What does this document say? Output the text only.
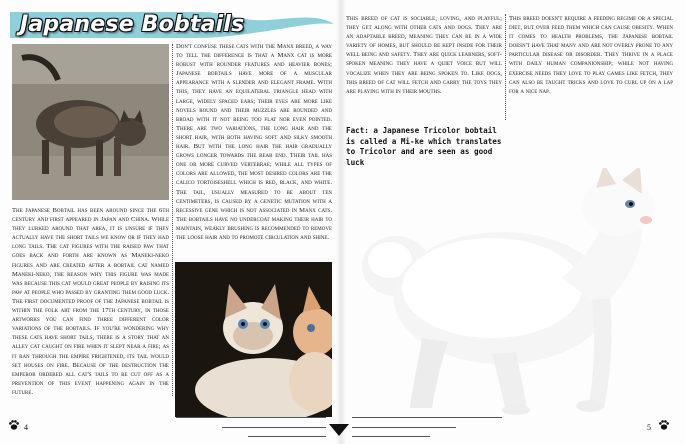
Japanese Bobtails

The Japanese Bobtail has been around since the 6th century and first appeared in Japan and China. While they lurked around that area, it is unsure if they actually have the short tails we know or if they had long tails. The cat figures with the raised paw that goes back and forth are known as Maneki-neko figures and are created after a bobtail cat named Maneki-neko, the reason why this figure was made was because this cat would great people by raising its paw at people who passed by granting them good luck. The first documented proof of the Japanese bobtail is within the folk art from the 17th century, in those artworks you can find three different color variations of the bobtails. If you're wondering why these cats have short tails, there is a story that an alley cat caught on fire when it slept near a fire; as it ran through the empire frightened, its tail would set houses on fire. Because of the destruction the emperor ordered all cat's tails to be cut off as a prevention of this event happening again in the future.

Don't confuse these cats with the Manx breed, a way to tell the difference is that a Manx cat is more robust with rounder features and heavier bones; Japanese bobtails have more of a muscular appearance with a slender and elegant frame. With this, they have an equilateral triangle head with large, widely spaced ears; their eyes are more like novels round and their muzzles are rounded and broad with it not being too flat nor even pointed. There are two variations, the long hair and the short hair, with both having soft and silky smooth hair. But with the long hair the hair gradually grows longer towards the rear end. Their tail has one or more curved vertebrae; while all types of colors are allowed, the most desired colors are the calico tortoiseshell which is red, black, and white. The tail, usually measured to be about ten centimeters, is caused by a genetic mutation with a recessive gene which is not associated in Manx cats. The bobtails have no undercoat making their hair to maintain, weakly brushing is recommended to remove the loose hair and to promote circulation and shine.

This breed of cat is sociable, loving, and playful; they get along with other cats and dogs. They are an adaptable breed, meaning they can be in a wide variety of homes, but should be kept inside for their well being and safety. They are quick learners, soft-spoken meaning they have a quiet voice but will vocalize when they are being spoken to. Like dogs, this breed of cat will fetch and carry the toys they are playing with in their mouths.

This breed doesn't require a feeding regime or a special diet, but over feed them which can cause obesity. When it comes to health problems, the Japanese bobtail doesn't have that many and are not overly prone to any particular disease or disorder. They thrive in a place with daily human companionship; while not having exercise needs they love to play games like fetch, they can also be taught tricks and love to curl up on a lap for a nice nap.

Fact: a Japanese Tricolor bobtail is called a Mi-ke which translates to Tricolor and are seen as good luck

4	5
